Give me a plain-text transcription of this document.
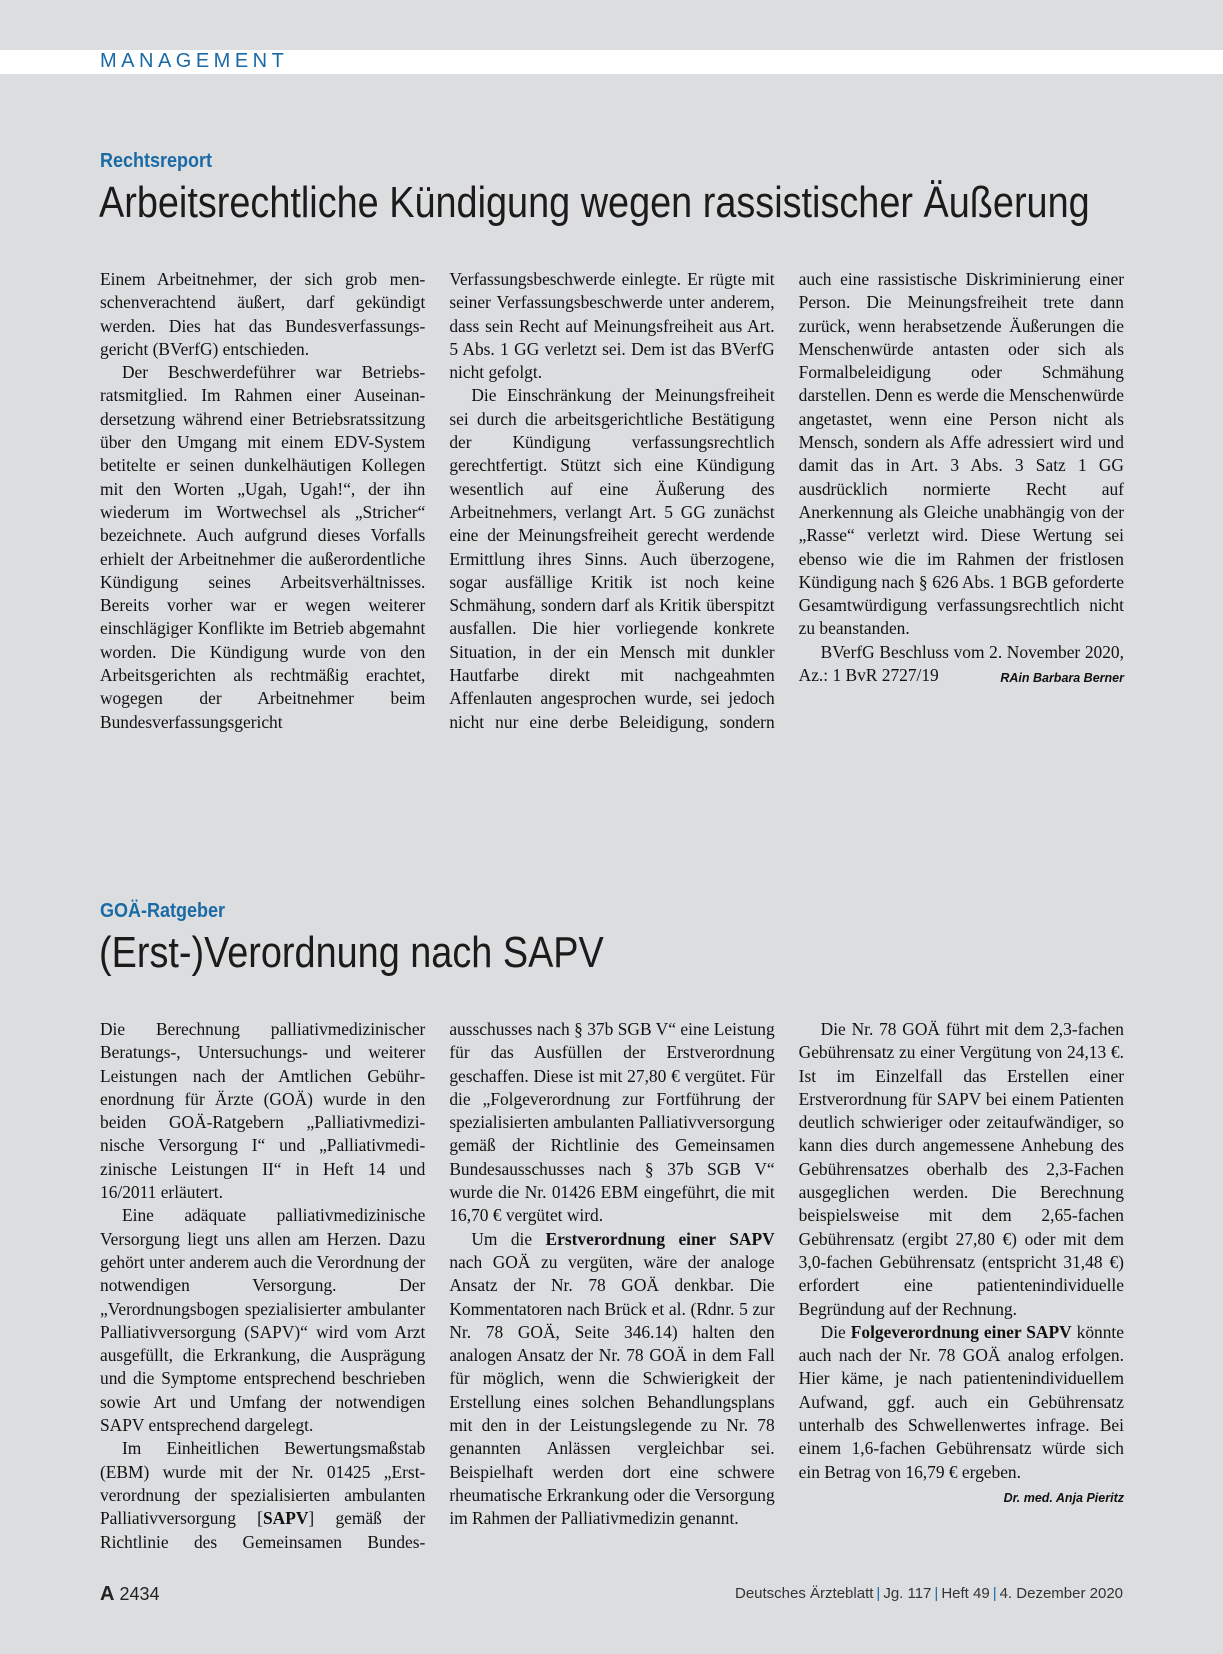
MANAGEMENT
Rechtsreport
Arbeitsrechtliche Kündigung wegen rassistischer Äußerung

Einem Arbeitnehmer, der sich grob menschenverachtend äußert, darf gekündigt werden. Dies hat das Bundesverfassungsgericht (BVerfG) entschieden.

Der Beschwerdeführer war Betriebsratsmitglied. Im Rahmen einer Auseinandersetzung während einer Betriebsratssitzung über den Umgang mit einem EDV-System betitelte er seinen dunkelhäutigen Kollegen mit den Worten „Ugah, Ugah!“, der ihn wiederum im Wortwechsel als „Stricher“ bezeichnete. Auch aufgrund dieses Vorfalls erhielt der Arbeitnehmer die außerordentliche Kündigung seines Arbeitsverhältnisses. Bereits vorher war er wegen weiterer einschlägiger Konflikte im Betrieb abgemahnt worden. Die Kündigung wurde von den Arbeitsgerichten als rechtmäßig erachtet, wogegen der Arbeitnehmer beim Bundesverfassungsgericht Verfassungsbeschwerde einlegte. Er rügte mit seiner Verfassungsbeschwerde unter anderem, dass sein Recht auf Meinungsfreiheit aus Art. 5 Abs. 1 GG verletzt sei. Dem ist das BVerfG nicht gefolgt.

Die Einschränkung der Meinungsfreiheit sei durch die arbeitsgerichtliche Bestätigung der Kündigung verfassungsrechtlich gerechtfertigt. Stützt sich eine Kündigung wesentlich auf eine Äußerung des Arbeitnehmers, verlangt Art. 5 GG zunächst eine der Meinungsfreiheit gerecht werdende Ermittlung ihres Sinns. Auch überzogene, sogar ausfällige Kritik ist noch keine Schmähung, sondern darf als Kritik überspitzt ausfallen. Die hier vorliegende konkrete Situation, in der ein Mensch mit dunkler Hautfarbe direkt mit nachgeahmten Affenlauten angesprochen wurde, sei jedoch nicht nur eine derbe Beleidigung, sondern auch eine rassistische Diskriminierung einer Person. Die Meinungsfreiheit trete dann zurück, wenn herabsetzende Äußerungen die Menschenwürde antasten oder sich als Formalbeleidigung oder Schmähung darstellen. Denn es werde die Menschenwürde angetastet, wenn eine Person nicht als Mensch, sondern als Affe adressiert wird und damit das in Art. 3 Abs. 3 Satz 1 GG ausdrücklich normierte Recht auf Anerkennung als Gleiche unabhängig von der „Rasse“ verletzt wird. Diese Wertung sei ebenso wie die im Rahmen der fristlosen Kündigung nach § 626 Abs. 1 BGB geforderte Gesamtwürdigung verfassungsrechtlich nicht zu beanstanden.

BVerfG Beschluss vom 2. November 2020, Az.: 1 BvR 2727/19	RAin Barbara Berner

GOÄ-Ratgeber
(Erst-)Verordnung nach SAPV

Die Berechnung palliativmedizinischer Beratungs-, Untersuchungs- und weiterer Leistungen nach der Amtlichen Gebührenordnung für Ärzte (GOÄ) wurde in den beiden GOÄ-Ratgebern „Palliativmedizinische Versorgung I“ und „Palliativmedizinische Leistungen II“ in Heft 14 und 16/2011 erläutert.

Eine adäquate palliativmedizinische Versorgung liegt uns allen am Herzen. Dazu gehört unter anderem auch die Verordnung der notwendigen Versorgung. Der „Verordnungsbogen spezialisierter ambulanter Palliativversorgung (SAPV)“ wird vom Arzt ausgefüllt, die Erkrankung, die Ausprägung und die Symptome entsprechend beschrieben sowie Art und Umfang der notwendigen SAPV entsprechend dargelegt.

Im Einheitlichen Bewertungsmaßstab (EBM) wurde mit der Nr. 01425 „Erstverordnung der spezialisierten ambulanten Palliativversorgung [SAPV] gemäß der Richtlinie des Gemeinsamen Bundesausschusses nach § 37b SGB V“ eine Leistung für das Ausfüllen der Erstverordnung geschaffen. Diese ist mit 27,80 € vergütet. Für die „Folgeverordnung zur Fortführung der spezialisierten ambulanten Palliativversorgung gemäß der Richtlinie des Gemeinsamen Bundesausschusses nach § 37b SGB V“ wurde die Nr. 01426 EBM eingeführt, die mit 16,70 € vergütet wird.

Um die Erstverordnung einer SAPV nach GOÄ zu vergüten, wäre der analoge Ansatz der Nr. 78 GOÄ denkbar. Die Kommentatoren nach Brück et al. (Rdnr. 5 zur Nr. 78 GOÄ, Seite 346.14) halten den analogen Ansatz der Nr. 78 GOÄ in dem Fall für möglich, wenn die Schwierigkeit der Erstellung eines solchen Behandlungsplans mit den in der Leistungslegende zu Nr. 78 genannten Anlässen vergleichbar sei. Beispielhaft werden dort eine schwere rheumatische Erkrankung oder die Versorgung im Rahmen der Palliativmedizin genannt.

Die Nr. 78 GOÄ führt mit dem 2,3-fachen Gebührensatz zu einer Vergütung von 24,13 €. Ist im Einzelfall das Erstellen einer Erstverordnung für SAPV bei einem Patienten deutlich schwieriger oder zeitaufwändiger, so kann dies durch angemessene Anhebung des Gebührensatzes oberhalb des 2,3-Fachen ausgeglichen werden. Die Berechnung beispielsweise mit dem 2,65-fachen Gebührensatz (ergibt 27,80 €) oder mit dem 3,0-fachen Gebührensatz (entspricht 31,48 €) erfordert eine patientenindividuelle Begründung auf der Rechnung.

Die Folgeverordnung einer SAPV könnte auch nach der Nr. 78 GOÄ analog erfolgen. Hier käme, je nach patientenindividuellem Aufwand, ggf. auch ein Gebührensatz unterhalb des Schwellenwertes infrage. Bei einem 1,6-fachen Gebührensatz würde sich ein Betrag von 16,79 € ergeben.
Dr. med. Anja Pieritz

A 2434	Deutsches Ärzteblatt | Jg. 117 | Heft 49 | 4. Dezember 2020
